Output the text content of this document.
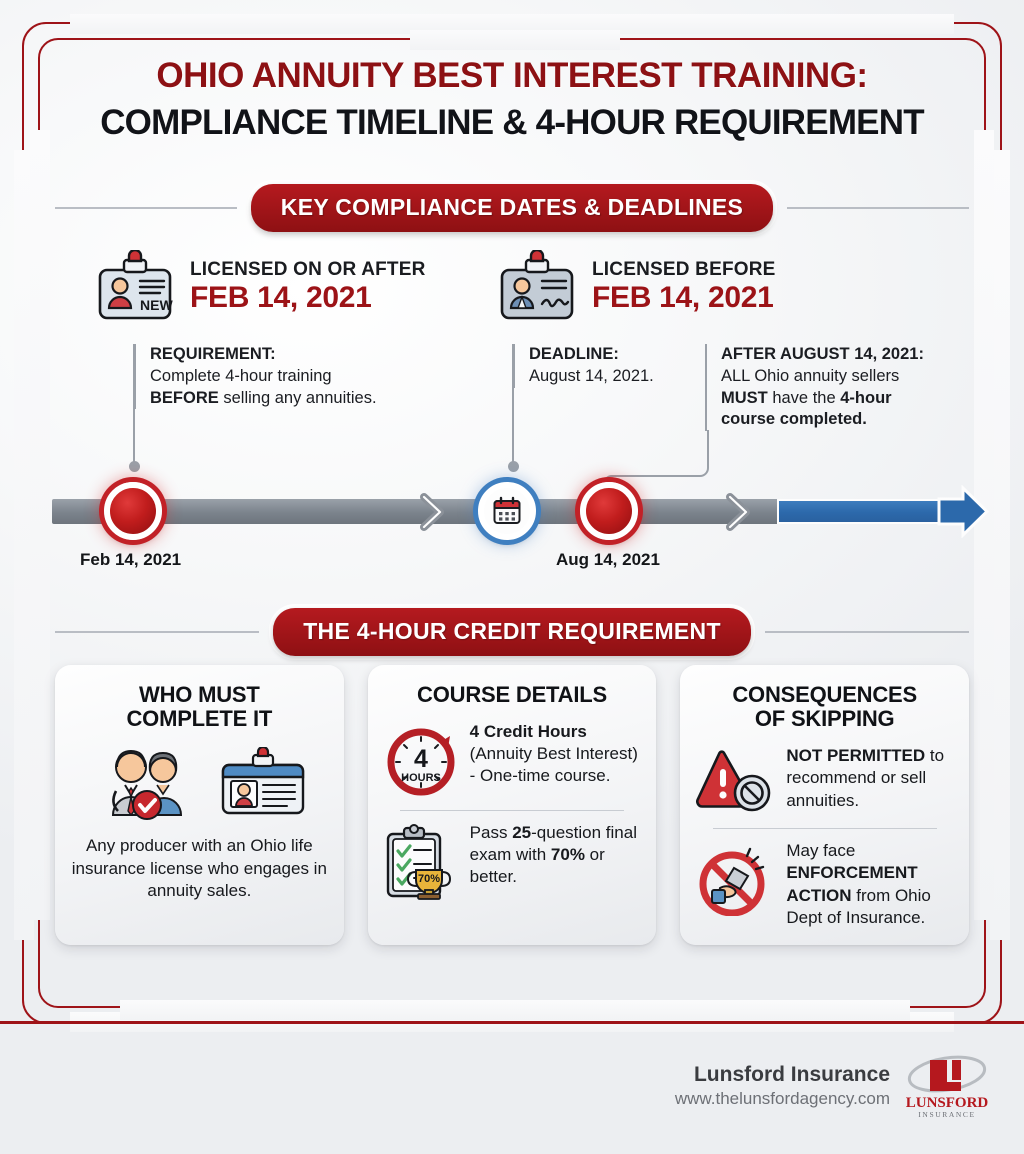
OHIO ANNUITY BEST INTEREST TRAINING:
COMPLIANCE TIMELINE & 4-HOUR REQUIREMENT
KEY COMPLIANCE DATES & DEADLINES
NEW
LICENSED ON OR AFTER
FEB 14, 2021
LICENSED BEFORE
FEB 14, 2021

REQUIREMENT:
Complete 4-hour training
BEFORE selling any annuities.

DEADLINE:
August 14, 2021.

AFTER AUGUST 14, 2021:
ALL Ohio annuity sellers
MUST have the 4-hour
course completed.

Feb 14, 2021	Aug 14, 2021
THE 4-HOUR CREDIT REQUIREMENT
WHO MUST
COMPLETE IT
Any producer with an Ohio life insurance license who engages in annuity sales.
COURSE DETAILS
4
HOURS
4 Credit Hours (Annuity Best Interest) - One-time course.
70%
Pass 25-question final exam with 70% or better.
CONSEQUENCES
OF SKIPPING
NOT PERMITTED to recommend or sell annuities.
May face ENFORCEMENT ACTION from Ohio Dept of Insurance.
Lunsford Insurance
www.thelunsfordagency.com LUNSFORD
INSURANCE
